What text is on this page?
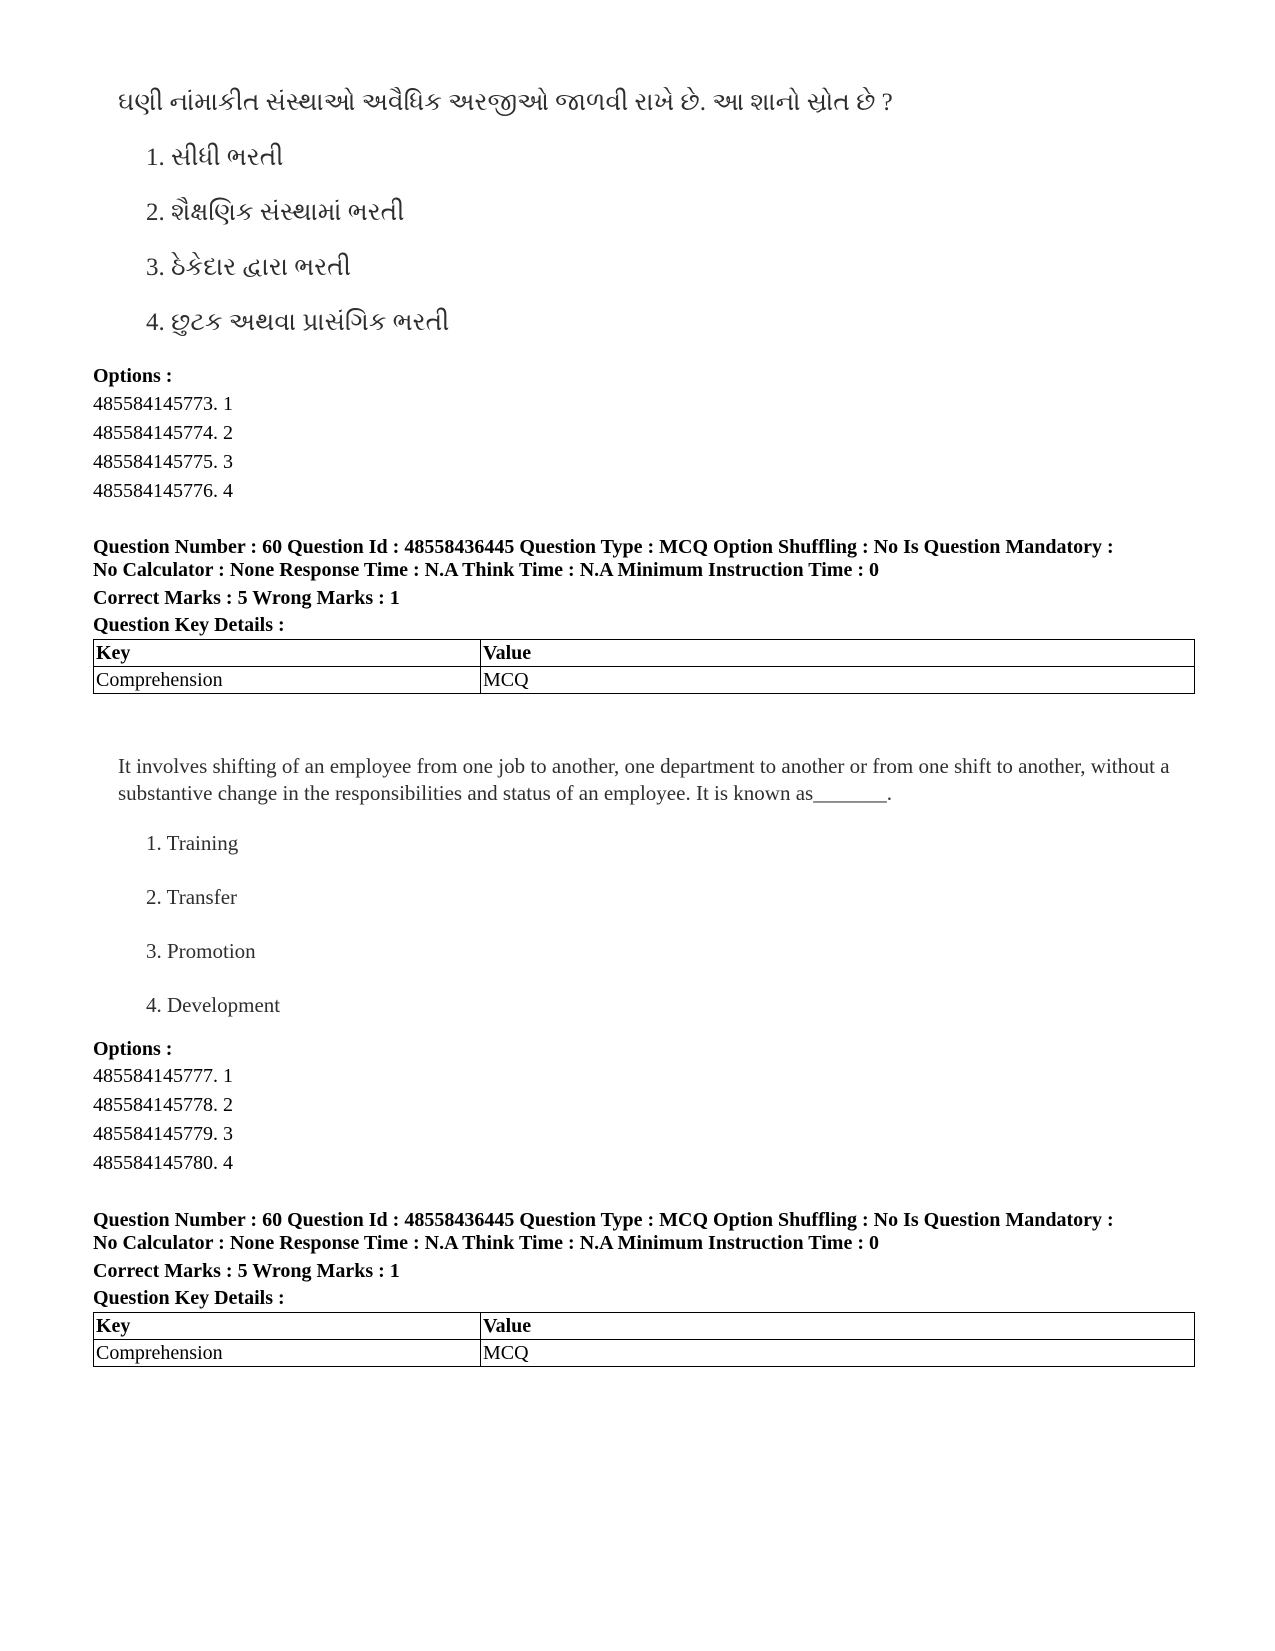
ઘણી નાંમાકીત સંસ્થાઓ અવૈધિક અરજીઓ જાળવી રાખે છે. આ શાનો સ્રોત છે ?
1. સીધી ભરતી
2. શૈક્ષણિક સંસ્થામાં ભરતી
3. ઠેકેદાર દ્વારા ભરતી
4. છુટક અથવા પ્રાસંગિક ભરતી
Options :
485584145773. 1
485584145774. 2
485584145775. 3
485584145776. 4
Question Number : 60 Question Id : 48558436445 Question Type : MCQ Option Shuffling : No Is Question Mandatory :
No Calculator : None Response Time : N.A Think Time : N.A Minimum Instruction Time : 0
Correct Marks : 5 Wrong Marks : 1
Question Key Details :
Key	Value
Comprehension	MCQ
It involves shifting of an employee from one job to another, one department to another or from one shift to another, without a substantive change in the responsibilities and status of an employee. It is known as_______.
1. Training
2. Transfer
3. Promotion
4. Development
Options :
485584145777. 1
485584145778. 2
485584145779. 3
485584145780. 4
Question Number : 60 Question Id : 48558436445 Question Type : MCQ Option Shuffling : No Is Question Mandatory :
No Calculator : None Response Time : N.A Think Time : N.A Minimum Instruction Time : 0
Correct Marks : 5 Wrong Marks : 1
Question Key Details :
Key	Value
Comprehension	MCQ
